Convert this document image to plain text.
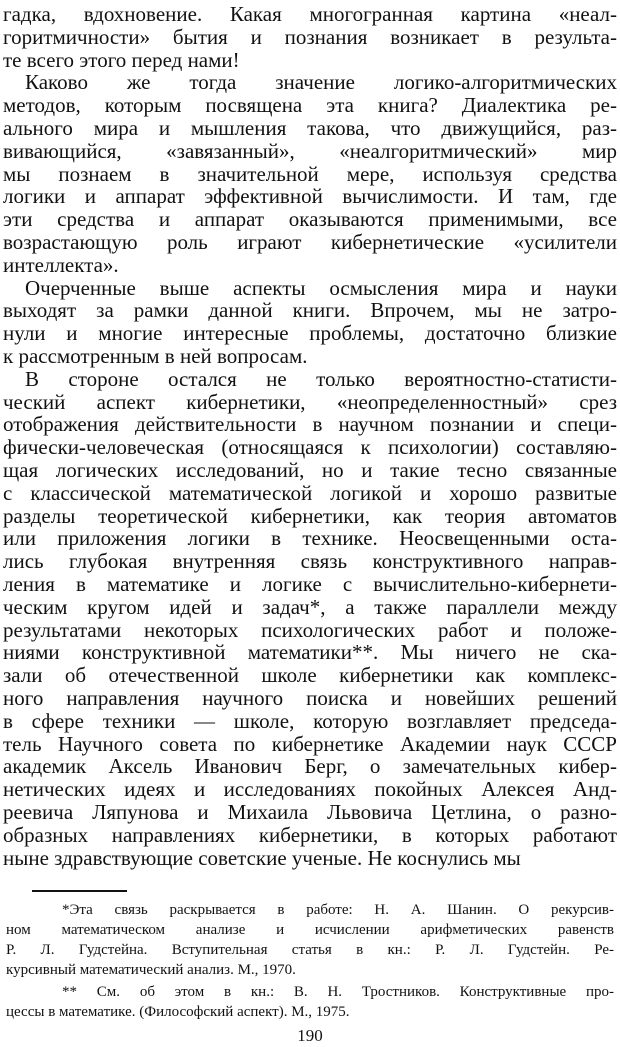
гадка, вдохновение. Какая многогранная картина «неал-
горитмичности» бытия и познания возникает в результа-
те всего этого перед нами!
Каково же тогда значение логико-алгоритмических
методов, которым посвящена эта книга? Диалектика ре-
ального мира и мышления такова, что движущийся, раз-
вивающийся, «завязанный», «неалгоритмический» мир
мы познаем в значительной мере, используя средства
логики и аппарат эффективной вычислимости. И там, где
эти средства и аппарат оказываются применимыми, все
возрастающую роль играют кибернетические «усилители
интеллекта».
Очерченные выше аспекты осмысления мира и науки
выходят за рамки данной книги. Впрочем, мы не затро-
нули и многие интересные проблемы, достаточно близкие
к рассмотренным в ней вопросам.
В стороне остался не только вероятностно-статисти-
ческий аспект кибернетики, «неопределенностный» срез
отображения действительности в научном познании и специ-
фически-человеческая (относящаяся к психологии) составляю-
щая логических исследований, но и такие тесно связанные
с классической математической логикой и хорошо развитые
разделы теоретической кибернетики, как теория автоматов
или приложения логики в технике. Неосвещенными оста-
лись глубокая внутренняя связь конструктивного направ-
ления в математике и логике с вычислительно-кибернети-
ческим кругом идей и задач*, а также параллели между
результатами некоторых психологических работ и положе-
ниями конструктивной математики**. Мы ничего не ска-
зали об отечественной школе кибернетики как комплекс-
ного направления научного поиска и новейших решений
в сфере техники — школе, которую возглавляет председа-
тель Научного совета по кибернетике Академии наук СССР
академик Аксель Иванович Берг, о замечательных кибер-
нетических идеях и исследованиях покойных Алексея Анд-
реевича Ляпунова и Михаила Львовича Цетлина, о разно-
образных направлениях кибернетики, в которых работают
ныне здравствующие советские ученые. Не коснулись мы
*Эта связь раскрывается в работе: Н. А. Шанин. О рекурсив-
ном математическом анализе и исчислении арифметических равенств
Р. Л. Гудстейна. Вступительная статья в кн.: Р. Л. Гудстейн. Ре-
курсивный математический анализ. М., 1970.
** См. об этом в кн.: В. Н. Тростников. Конструктивные про-
цессы в математике. (Философский аспект). М., 1975.
190
